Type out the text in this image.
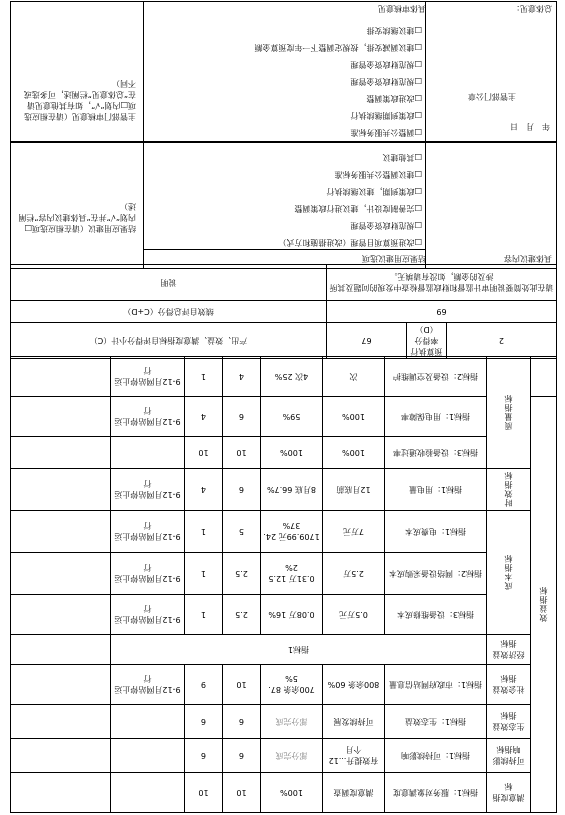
效益指标	满意度指标	指标1：服务对象满意度	满意度调查	100%	10	10		
	可持续影响指标	指标1：可持续影响	有效提升...12个月	部分完成	6	6		
	生态效益指标	指标1：生态效益	可持续发展	部分完成	6	6		
	社会效益指标	指标1：市政府网站信息量	800余条 60%	700余条 87.5%	10	9	9-12月网站停止运行	
	经济效益指标	指标1						
	成本指标	指标3：设备维修成本	0.5万元	0.08万 16%	2.5	1	9-12月网站停止运行	
		指标2：网络设备采购成本	2.5万	0.31万 12.52%	2.5	1	9-12月网站停止运行	
		指标1：电费成本	7万元	1709.99元 24.37%	5	1	9-12月网站停止运行	
	时效指标	指标1：用电量	12月底前	8月底 66.7%	6	4	9-12月网站停止运行	
	质量指标	指标3：设备验收通过率	100%	100%	10	10		
		指标1：用电保障率	100%	59%	6	4	9-12月网站停止运行	
		指标2：设备及空调维护	次	4次 25%	4	1	9-12月网站停止运行	
2	预算执行率得分（D）	67	产出、效益、满意度指标自评得分小计（C）
69			绩效自评总得分（C+D）
请在此处简要说明审计监督和财政监督检查中发现的问题及其所涉及的金额，如没有请填无。			说明
具体建议内容
结果应用建议选项
结果应用建议（请在相应选项□内划“√”并在“具体建议内容”栏阐述）
□改进预算项目管理（改进措施和方式）
□规范财政资金管理
□完善制度设计，建议进行政策调整
□政策到期，建议继续执行
□建议调整公共服务标准
□其他建议
年　月　日
主管部门公章
总体意见：
具体审核意见
主管部门审核意见（请在相应选项□内划“√”，如有其他意见请在“总体意见”栏阐述，可多选或不同）
□调整公共服务标准
□政策到期继续执行
□改进政策调整
□规范财政资金管理
□规范财政资金管理
□建议调减安排，按规定调整下一年度预算金额
□建议继续安排
